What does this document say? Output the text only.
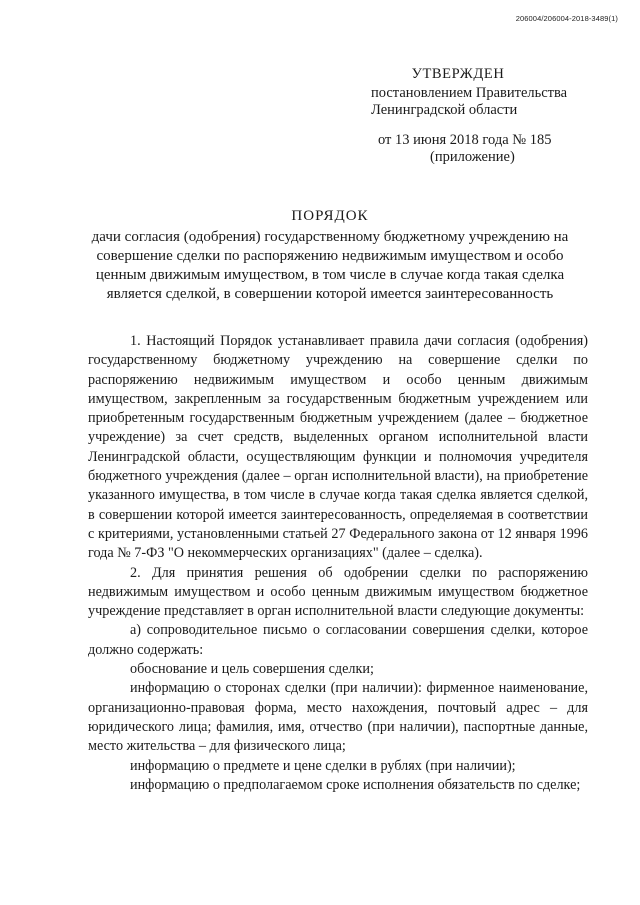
206004/206004-2018-3489(1)
УТВЕРЖДЕН
постановлением Правительства
Ленинградской области
от 13 июня 2018 года № 185
(приложение)
ПОРЯДОК
дачи согласия (одобрения) государственному бюджетному учреждению на совершение сделки по распоряжению недвижимым имуществом и особо ценным движимым имуществом, в том числе в случае когда такая сделка является сделкой, в совершении которой имеется заинтересованность

1. Настоящий Порядок устанавливает правила дачи согласия (одобрения) государственному бюджетному учреждению на совершение сделки по распоряжению недвижимым имуществом и особо ценным движимым имуществом, закрепленным за государственным бюджетным учреждением или приобретенным государственным бюджетным учреждением (далее – бюджетное учреждение) за счет средств, выделенных органом исполнительной власти Ленинградской области, осуществляющим функции и полномочия учредителя бюджетного учреждения (далее – орган исполнительной власти), на приобретение указанного имущества, в том числе в случае когда такая сделка является сделкой, в совершении которой имеется заинтересованность, определяемая в соответствии с критериями, установленными статьей 27 Федерального закона от 12 января 1996 года № 7-ФЗ "О некоммерческих организациях" (далее – сделка).

2. Для принятия решения об одобрении сделки по распоряжению недвижимым имуществом и особо ценным движимым имуществом бюджетное учреждение представляет в орган исполнительной власти следующие документы:

а) сопроводительное письмо о согласовании совершения сделки, которое должно содержать:

обоснование и цель совершения сделки;

информацию о сторонах сделки (при наличии): фирменное наименование, организационно-правовая форма, место нахождения, почтовый адрес – для юридического лица; фамилия, имя, отчество (при наличии), паспортные данные, место жительства – для физического лица;

информацию о предмете и цене сделки в рублях (при наличии);

информацию о предполагаемом сроке исполнения обязательств по сделке;
